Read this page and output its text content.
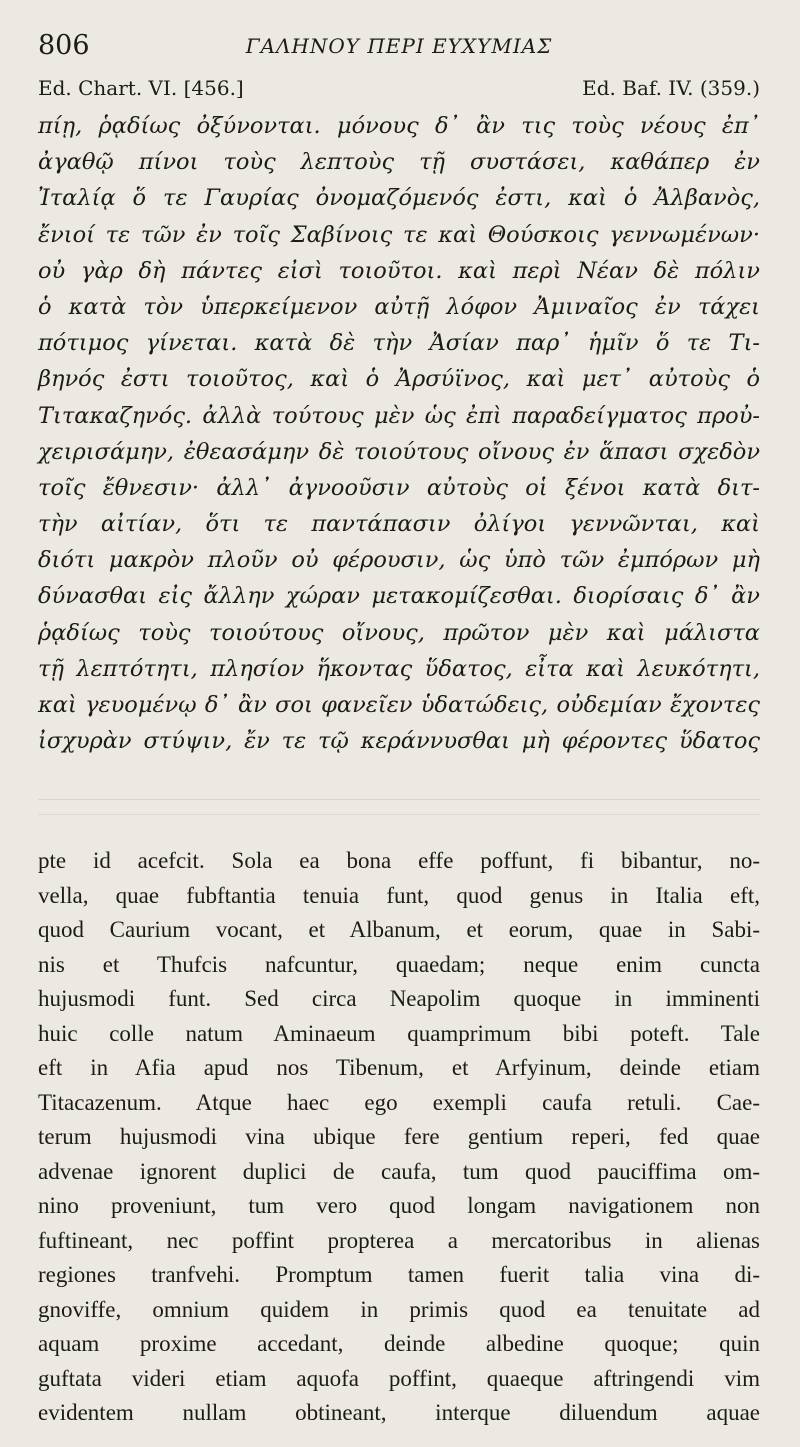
806	ΓΑΛΗΝΟΥ ΠΕΡΙ ΕΥΧΥΜΙΑΣ
Ed. Chart. VI. [456.]	Ed. Baf. IV. (359.)
πίῃ, ῥᾳδίως ὀξύνονται. μόνους δ᾽ ἂν τις τοὺς νέους ἐπ᾽
ἀγαθῷ πίνοι τοὺς λεπτοὺς τῇ συστάσει, καθάπερ ἐν
Ἰταλίᾳ ὅ τε Γαυρίας ὀνομαζόμενός ἐστι, καὶ ὁ Ἀλβανὸς,
ἔνιοί τε τῶν ἐν τοῖς Σαβίνοις τε καὶ Θούσκοις γεννωμένων·
οὐ γὰρ δὴ πάντες εἰσὶ τοιοῦτοι. καὶ περὶ Νέαν δὲ πόλιν
ὁ κατὰ τὸν ὑπερκείμενον αὐτῇ λόφον Ἀμιναῖος ἐν τάχει
πότιμος γίνεται. κατὰ δὲ τὴν Ἀσίαν παρ᾽ ἡμῖν ὅ τε Τι-
βηνός ἐστι τοιοῦτος, καὶ ὁ Ἀρσύϊνος, καὶ μετ᾽ αὐτοὺς ὁ
Τιτακαζηνός. ἀλλὰ τούτους μὲν ὡς ἐπὶ παραδείγματος προὐ-
χειρισάμην, ἐθεασάμην δὲ τοιούτους οἴνους ἐν ἅπασι σχεδὸν
τοῖς ἔθνεσιν· ἀλλ᾽ ἀγνοοῦσιν αὐτοὺς οἱ ξένοι κατὰ διτ-
τὴν αἰτίαν, ὅτι τε παντάπασιν ὀλίγοι γεννῶνται, καὶ
διότι μακρὸν πλοῦν οὐ φέρουσιν, ὡς ὑπὸ τῶν ἐμπόρων μὴ
δύνασθαι εἰς ἄλλην χώραν μετακομίζεσθαι. διορίσαις δ᾽ ἂν
ῥᾳδίως τοὺς τοιούτους οἴνους, πρῶτον μὲν καὶ μάλιστα
τῇ λεπτότητι, πλησίον ἥκοντας ὕδατος, εἶτα καὶ λευκότητι,
καὶ γευομένῳ δ᾽ ἂν σοι φανεῖεν ὑδατώδεις, οὐδεμίαν ἔχοντες
ἰσχυρὰν στύψιν, ἔν τε τῷ κεράννυσθαι μὴ φέροντες ὕδατος
pte id acefcit. Sola ea bona effe poffunt, fi bibantur, no-
vella, quae fubftantia tenuia funt, quod genus in Italia eft,
quod Caurium vocant, et Albanum, et eorum, quae in Sabi-
nis et Thufcis nafcuntur, quaedam; neque enim cuncta
hujusmodi funt. Sed circa Neapolim quoque in imminenti
huic colle natum Aminaeum quamprimum bibi poteft. Tale
eft in Afia apud nos Tibenum, et Arfyinum, deinde etiam
Titacazenum. Atque haec ego exempli caufa retuli. Cae-
terum hujusmodi vina ubique fere gentium reperi, fed quae
advenae ignorent duplici de caufa, tum quod pauciffima om-
nino proveniunt, tum vero quod longam navigationem non
fuftineant, nec poffint propterea a mercatoribus in alienas
regiones tranfvehi. Promptum tamen fuerit talia vina di-
gnoviffe, omnium quidem in primis quod ea tenuitate ad
aquam proxime accedant, deinde albedine quoque; quin
guftata videri etiam aquofa poffint, quaeque aftringendi vim
evidentem nullam obtineant, interque diluendum aquae
